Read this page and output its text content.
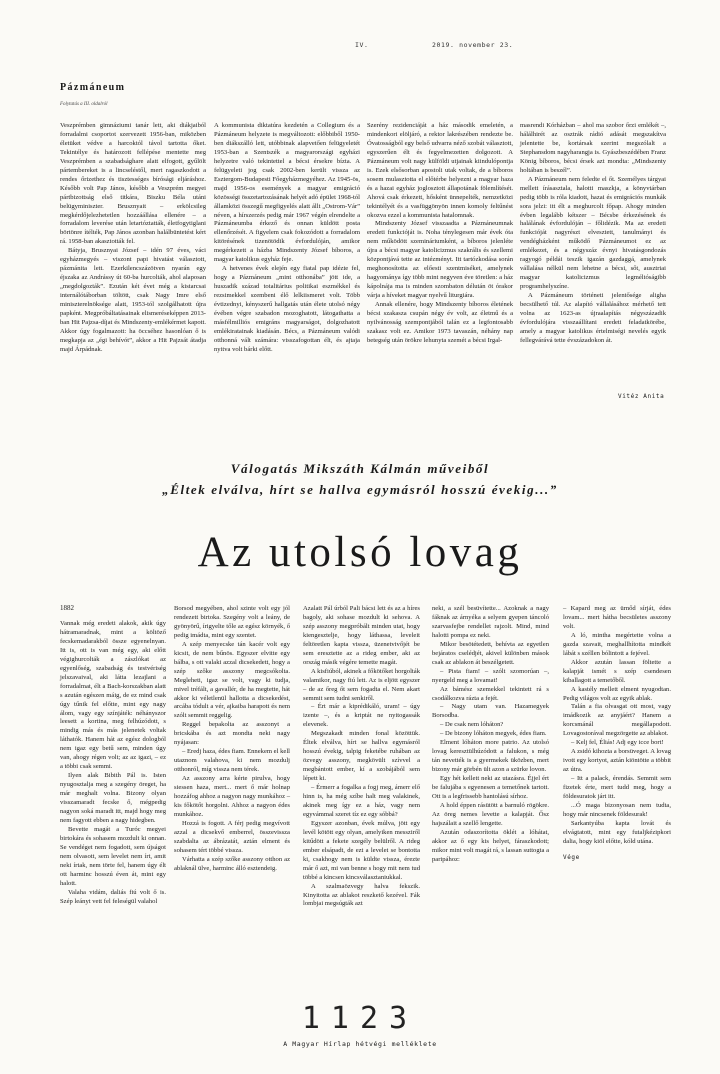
IV.	2019. november 23.
Pázmáneum
Folytatás a III. oldalról

Veszprémben gimnáziumi tanár lett, aki diákjaiból forradalmi csoportot szervezett 1956-ban, miközben életüket védve a harcoktól távol tartotta őket. Tekintélye és határozott fellépése mentette meg Veszprémben a szabadsághare alatt elfogott, gyűlölt pártembereket is a lincseléstől, mert ragaszkodott a rendes őrizethez és tisztességes bírósági eljáráshoz. Később volt Pap János, később a Veszprém megyei pártbizottság első titkára, Biszku Béla utáni belügyminiszter. Brusznyait – erkölcsileg megkérdőjelezhetetlen hozzáállása ellenére – a forradalom leverése után letartóztatták, életfogytiglani börtönre ítélték, Pap János azonban halálbüntetést kért rá. 1958-ban akasztották fel.

Bátyja, Brusznyai József – idén 97 éves, váci egyházmegyés – viszont papi hivatást választott, pázmánita lett. Ezerkilencszázötven nyarán egy éjszaka az Andrássy út 60-ba hurcolták, ahol alaposan „megdolgozták”. Ezután két évet még a kistarcsai internálótáborban töltött, csak Nagy Imre első miniszterelnöksége alatt, 1953-tól szolgálhatott újra papként. Megpróbáltatásainak elismeréseképpen 2013-ban Hit Pajzsa-díjat és Mindszenty-emlékérmet kapott. Akkor úgy fogalmazott: ha öccséhez hasonlóan ő is megkapja az „égi behívót”, akkor a Hit Pajzsát átadja majd Árpádnak.

A kommunista diktatúra kezdetén a Collegium és a Pázmáneum helyzete is megváltozott: előbbiből 1950-ben diákszálló lett, utóbbinak alapvetően felügyeletét 1953-ban a Szentszék a magyarországi egyházi helyzetre való tekintettel a bécsi érsekre bízta. A felügyeleti jog csak 2002-ben került vissza az Esztergom-Budapesti Főegyházmegyéhez. Az 1945-ös, majd 1956-os események a magyar emigráció közösségi összetartozásának helyét adó épület 1968-tól államközi összegű megfigyelés alatt állt „Ostrom-Vár” néven, a hírszerzés pedig már 1967 végén elrendelte a Pázmáneumba érkező és onnan küldött posta ellenőrzését. A figyelem csak fokozódott a forradalom kitörésének tizenötödik évfordulóján, amikor megérkezett a házba Mindszenty József bíboros, a magyar katolikus egyház feje.

A hetvenes évek elején egy fiatal pap idézte fel, hogy a Pázmáneum „mint otthonába” jött ide, a huszadik század totalitárius politikai eszmékkel és rezsimekkel szembeni élő lelkiismeret volt. Több évtizednyi, kényszerű hallgatás után élete utolsó négy évében végre szabadon mozoghatott, látogathatta a másfélmilliós emigráns magyarságot, dolgozhatott emlékiratainak kiadásán. Bécs, a Pázmáneum valódi otthonná vált számára: visszafogottan élt, és ajtaja nyitva volt bárki előtt.

Szerény rezidenciáját a ház második emeletén, a mindenkori elöljáró, a rektor lakrészében rendezte be. Óvatosságból egy belső udvarra néző szobát választott, egyszerűen élt és fegyelmezetten dolgozott. A Pázmáneum volt nagy külföldi utjainak kiindulópontja is. Ezek elsősorban apostoli utak voltak, de a bíboros sosem mulasztotta el előtérbe helyezni a magyar haza és a hazai egyház joglosztott állapotának fölemlítését. Ahová csak érkezett, hősként ünnepelték, nemzetközi tekintélyét és a vasfüggönyön innen komoly feltűnést okozva ezzel a kommunista hatalomnak.

Mindszenty József visszaadta a Pázmáneumnak eredeti funkcióját is. Noha ténylegesen már évek óta nem működött szemináriumként, a bíboros jelenléte újra a bécsi magyar katolicizmus szakrális és szellemi központjává tette az intézményt. Itt tartózkodása során meghonosította az előesti szentmiséket, amelynek hagyománya így több mint negyven éve töretlen: a ház kápolnája ma is minden szombaton délután öt órakor várja a híveket magyar nyelvű liturgiára.

Annak ellenére, hogy Mindszenty bíboros életének bécsi szakasza csupán négy év volt, az életmű és a nyilvánosság szempontjából talán ez a legfontosabb szakasz volt ez. Amikor 1973 tavaszán, néhány nap betegség után örökre lehunyta szemét a bécsi Irgal-

masrendi Kórházban – ahol ma szobor őrzi emlékét –, hálálhirét az osztrák rádió adását megszakítva jelentette be, kortársak szerint megszólalt a Stephansdom nagyharangja is. Gyászbeszédében Franz König bíboros, bécsi érsek azt mondta: „Mindszenty holtában is beszél”.

A Pázmáneum nem feledte el őt. Személyes tárgyai mellett írásasztala, halotti maszkja, a könyvtárban pedig több is róla kiadott, hazai és emigrációs munkák sora jelzi: itt élt a meghurcolt főpap. Ahogy minden évben legalább kétszer – Bécsbe érkezésének és halálának évfordulóján – főlidézik. Ma az eredeti funkcióját nagyrészt elvesztett, tanulmányi és vendégházként működő Pázmáneumot ez az emlékezet, és a négyszáz évnyi hivatásgondozás ragyogó példái teszik igazán gazdaggá, amelynek vállalása nélkül nem lehetne a bécsi, sőt, ausztriai magyar katolicizmus legméltóságibb programhelyszíne.

A Pázmáneum történeti jelentősége aligha becsülhető túl. Az alapító vállalásához mérhető tett volna az 1623-as újraalapítás négyszázadik évfordulójára visszaállítani eredeti feladatkörébe, amely a magyar katolikus értelmiségi nevelés egyik fellegvárává tette évszázadokon át.

Vitéz Anita
Válogatás Mikszáth Kálmán műveiből
„Éltek elválva, hírt se hallva egymásról hosszú évekig...”
Az utolsó lovag
1882

Vannak még eredeti alakok, akik úgy hátramaradnak, mint a költöző fecskemadarakból össze egyenelnyan. Itt is, ott is van még egy, aki előtt végighurcolták a zászlókat az egyenlőség, szabadság és testvériség jelszavaival, aki látta lezajlani a forradalmat, élt a Bach-korszakban alatt s azután egészen máig, de ez mind csak úgy tűnik fel előtte, mint egy nagy álom, vagy egy színjáték: néhányszor leesett a kortina, meg felhúzódott, s mindig más és más jelenetek voltak láthatók. Hanem hát az egész dologból nem igaz egy betű sem, minden úgy van, ahogy régen volt; az az igazi, – ez a többi csak semmi.

Ilyen alak Bibith Pál is. Isten nyugosztalja meg a szegény öreget, ha már meghalt volna. Bizony olyan visszamaradt fecske ő, mégpedig nagyon soká maradt itt, majd hogy meg nem fagyott ebben a nagy hidegben.

Bevette magát a Turóc megyei birtokára és sohasem mozdult ki onnan. Se vendéget nem fogadott, sem újságot nem olvasott, sem levelet nem írt, amit neki írtak, nem törte fel, hanem úgy élt ott harminc hosszú éven át, mint egy halott.

Valaha vidám, daliás fiú volt ő is. Szép leányt vett fel feleségül valahol

Borsod megyében, ahol szinte volt egy jól rendezett birtoka. Szegény volt a leány, de gyönyörű, írigyelte tőle az egész környék, ő pedig imádta, mint egy szentet.

A szép menyecske tán kacér volt egy kicsit, de nem bűnös. Egyszer elvitte egy bálba, s ott valaki azzal dicsekedett, hogy a szép szőke asszony megcsókolta. Megleheti, igaz se volt, vagy ki tudja, mivel tréfált, a gavallér, de ha megtette, hát akkor ki véletlenül hallotta a dicsekedést, arcába tódult a vér, ajkaiba harapott és nem szólt semmit reggelig.

Reggel bepakolta az asszonyt a bricskába és azt mondta neki nagy nyájasan:

– Eredj haza, édes fiam. Ennekem el kell utaznom valahova, ki nem mozdulj otthonról, míg vissza nem térek.

Az asszony arra kérte pirulva, hogy siessen haza, mert... mert ő már holnap hozzáfog ahhoz a nagyon nagy munkához – kis főkötőt horgolni. Ahhoz a nagyon édes munkához.

Hozzá is fogott. A férj pedig megvívott azzal a dicsekvő emberrel, összevissza szabdalta az ábrázatát, aztán elment és sohasem tért többé vissza.

Várhatta a szép szőke asszony otthon az ablaknál ülve, harminc álló esztendeig.

Azalatt Pál úrból Pali bácsi lett és az a híres bagoly, aki sohase mozdult ki sehova. A szép asszony megpróbált minden utat, hogy kiengesztelje, hogy láthassa, leveleit feltöretlen kapta vissza, üzenetvivőjét be sem eresztette az a rideg ember, aki az ország másik végére temette magát.

A kisfiúból, akinek a főkötőket horgolták valamikor, nagy fiú lett. Az is eljött egyszer – de az őreg őt sem fogadta el. Nem akart semmit sem tudni senkiről.

– Ért már a kiprédikáló, uram! – úgy izente –, és a kriptát ne nyitogassák elevenek.

Megszakadt minden fonal közöttük. Éltek elválva, hírt se hallva egymásról hosszú évekig, talpig feketébe ruhában az özvegy asszony, megkövült szívvel a megbántott ember, kí a szobájából sem lépett ki.

– Érmerr a fogalka a fogj meg, ámerr elő hinn is, ha még szíbe halt meg valakinek, akinek meg így ez a ház, vagy nem egyvámmal szeret tíz ez egy sóbbá?

Egyszer azonban, évek múlva, jött egy levél kötött egy olyan, amelyiken messziről kitűdött a fekete szegély belülről. A rideg ember elsápadt, de ezt a levelet se bontotta ki, csakhogy nem is küldte vissza, érezte már ő azt, mi van benne s hogy mit nem tud többé a kincsen kincsválasztaniukkal.

A szalmaözvegy halva fekszik. Kinyitotta az ablakot reszkető kezével. Fák lombjai megsúgták azt

neki, a szél besüvítette... Azoknak a nagy fáknak az árnyéka a selyem gyepen táncoló szarvasfejbe rendellet rajzolt. Mind, mind halotti pompa ez neki.

Mikor besötétedett, behívta az egyetlen bejáratos cselédjét, akivel különben mások csak az ablakon át beszélgetett.

– Pista fiam! – szólt szomorúan –, nyergeld meg a lovamat!

Az bámész szemekkel tekintett rá s csodálkozva rázta a fejét.

– Nagy utam van. Hazamegyek Borsodba.

– De csak nem lóháton?

– De bizony lóháton megyek, édes fiam.

Elment lóháton more patrio. Az utolsó lovag keresztülhúzódott a falukon, s még tán nevették is a gyermekek üközben, mert bizony már görbén ült azon a szürke lovon.

Egy hét kellett neki az utazásra. Éjjel ért be falujába s egyenesen a temetőnek tartott. Ott is a legfrissebb hantolású sírhoz.

A hold éppen rásütött a barnuló rögökre. Az öreg nemes levette a kalapját. Ősz hajszálait a szellő lengette.

Azután odaszorította öklét a lóhátat, akkor az ő egy kis helyet, fáraszkodott; mikor mint volt magát rá, s lassan suttogta a paripához:

– Kapard meg az ürnőd sírját, édes lovam... mert hátha becsületes asszony volt.

A ló, mintha megértette volna a gazda szavait, meghallhította mindkét lábát s széllen bólintott a fejével.

Akkor azután lassan föltette a kalapját ismét s szép csendesen kiballagott a temetőből.

A kastély mellett elment nyugodtan. Pedig világos volt az egyik ablak.

Talán a fia olvasgat ott most, vagy imádkozik az anyjáért? Hanem a korcsmánál megállapodott. Lovagostorával megzörgette az ablakot.

– Kelj fel, Éliás! Adj egy icce bort!

A zsidó kihozta a borsüveget. A lovag ivott egy kortyot, aztán kiöntötte a többit az útra.

– Itt a palack, érendás. Semmit sem fizetek érte, mert tudd meg, hogy a földesuratok járt itt.

...Ó maga bizonyosan nem tudta, hogy már nincsenek földesurak!

Sarkantyúba kapta lovát és elvágtatott, mint egy futaljkézipkori dalia, hogy kiöl előtte, kóld utána.

Vége
1123
A Magyar Hírlap hétvégi melléklete
